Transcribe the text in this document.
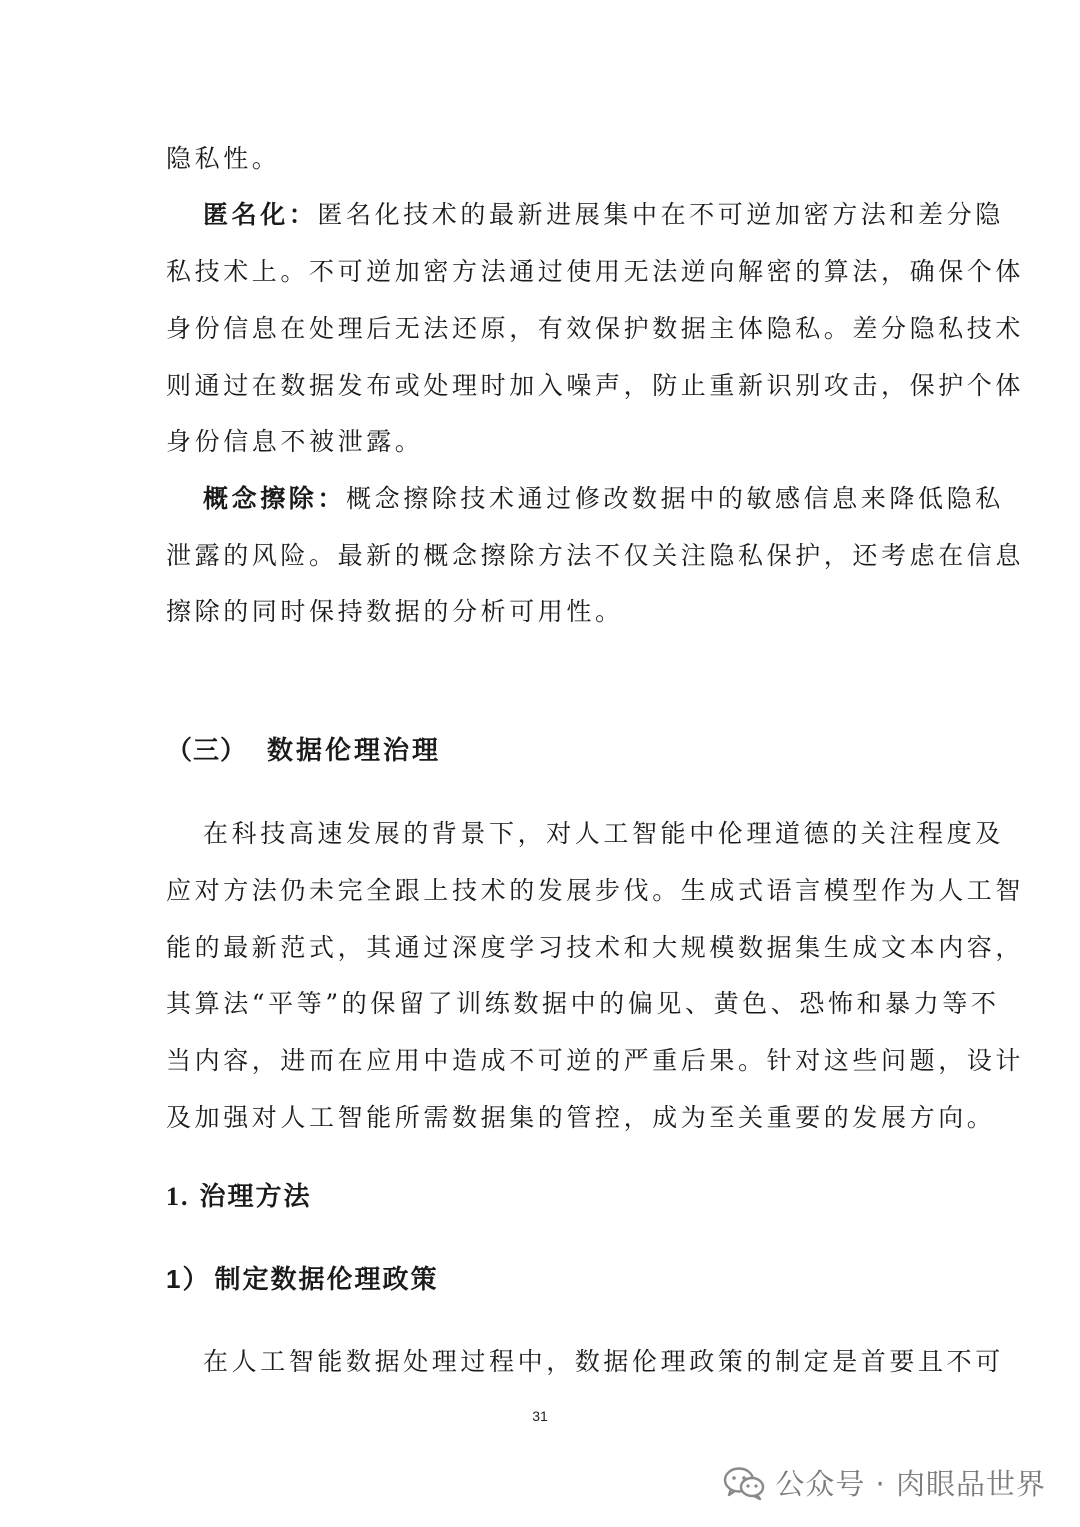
隐私性。
匿名化：匿名化技术的最新进展集中在不可逆加密方法和差分隐
私技术上。不可逆加密方法通过使用无法逆向解密的算法，确保个体
身份信息在处理后无法还原，有效保护数据主体隐私。差分隐私技术
则通过在数据发布或处理时加入噪声，防止重新识别攻击，保护个体
身份信息不被泄露。
概念擦除：概念擦除技术通过修改数据中的敏感信息来降低隐私
泄露的风险。最新的概念擦除方法不仅关注隐私保护，还考虑在信息
擦除的同时保持数据的分析可用性。
（三） 数据伦理治理
在科技高速发展的背景下，对人工智能中伦理道德的关注程度及
应对方法仍未完全跟上技术的发展步伐。生成式语言模型作为人工智
能的最新范式，其通过深度学习技术和大规模数据集生成文本内容，
其算法“平等”的保留了训练数据中的偏见、黄色、恐怖和暴力等不
当内容，进而在应用中造成不可逆的严重后果。针对这些问题，设计
及加强对人工智能所需数据集的管控，成为至关重要的发展方向。
1. 治理方法
1） 制定数据伦理政策
在人工智能数据处理过程中，数据伦理政策的制定是首要且不可
31
公众号 · 肉眼品世界
